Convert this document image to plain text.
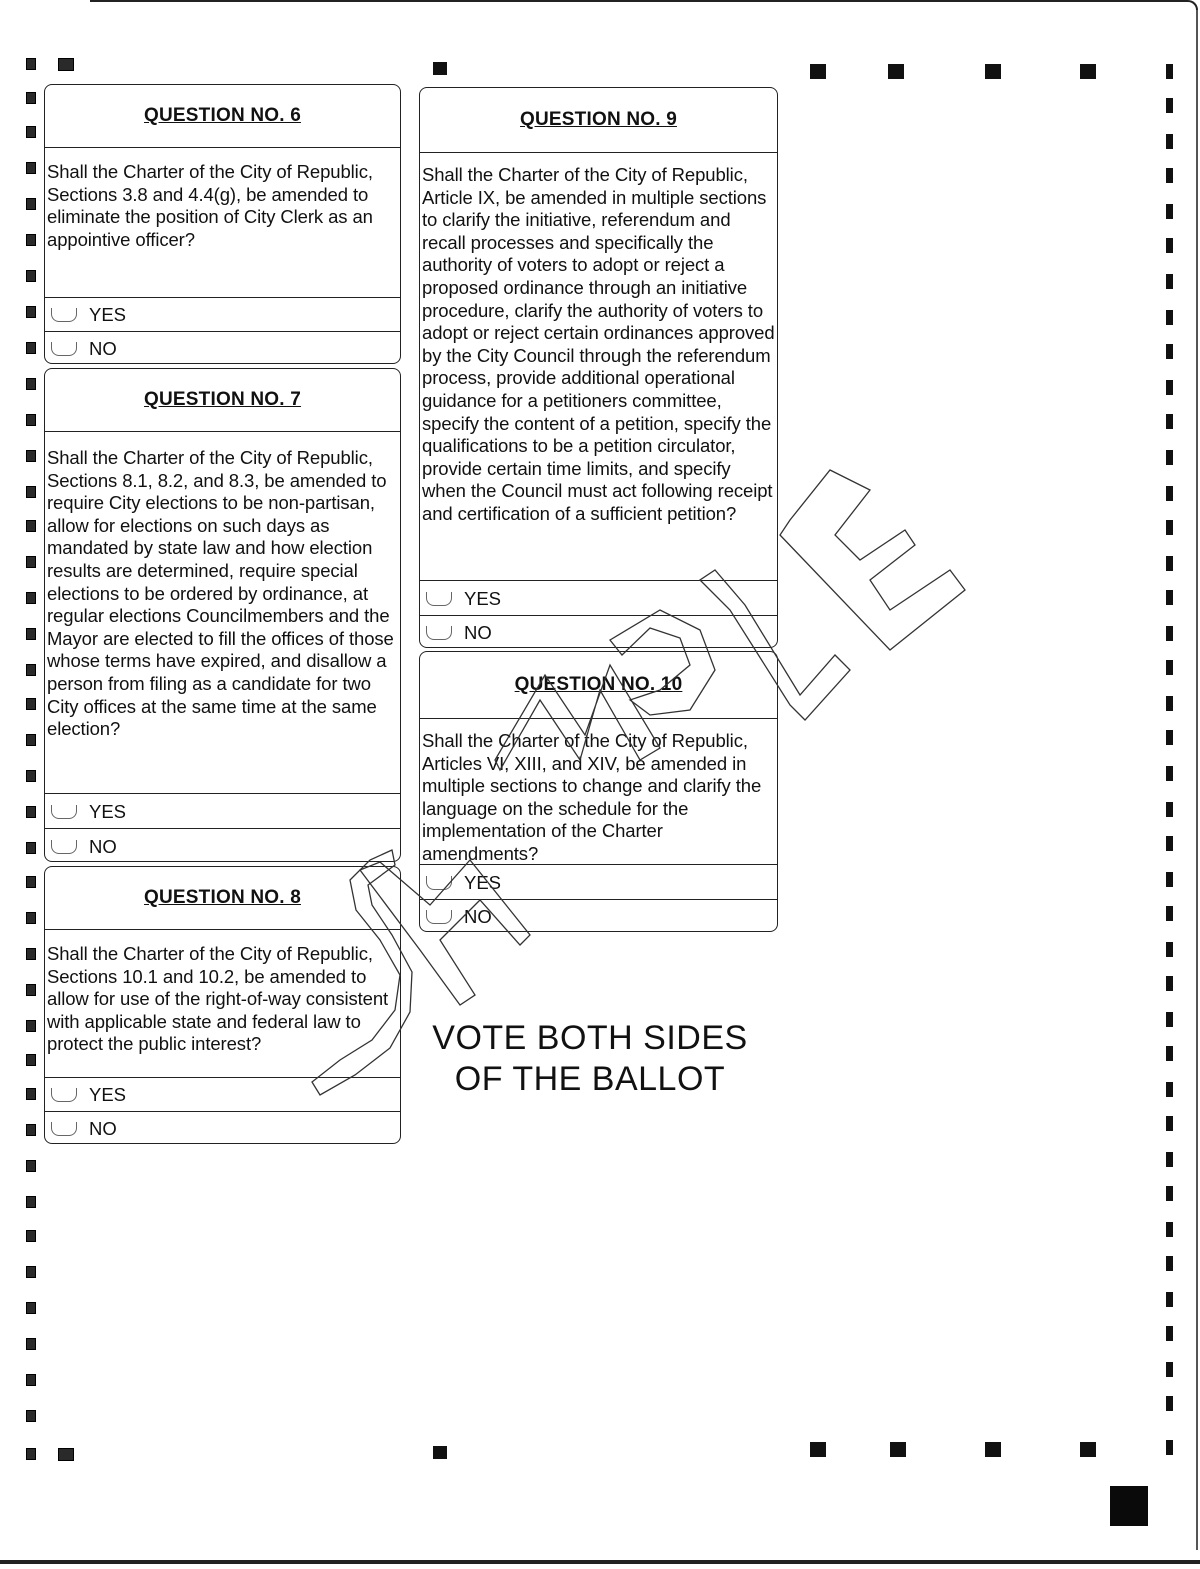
QUESTION NO. 6
Shall the Charter of the City of Republic, Sections 3.8 and 4.4(g), be amended to eliminate the position of City Clerk as an appointive officer?
YES
NO
QUESTION NO. 7
Shall the Charter of the City of Republic, Sections 8.1, 8.2, and 8.3, be amended to require City elections to be non-partisan, allow for elections on such days as mandated by state law and how election results are determined, require special elections to be ordered by ordinance, at regular elections Councilmembers and the Mayor are elected to fill the offices of those whose terms have expired, and disallow a person from filing as a candidate for two City offices at the same time at the same election?
YES
NO
QUESTION NO. 8
Shall the Charter of the City of Republic, Sections 10.1 and 10.2, be amended to allow for use of the right-of-way consistent with applicable state and federal law to protect the public interest?
YES
NO
QUESTION NO. 9
Shall the Charter of the City of Republic, Article IX, be amended in multiple sections to clarify the initiative, referendum and recall processes and specifically the authority of voters to adopt or reject a proposed ordinance through an initiative procedure, clarify the authority of voters to adopt or reject certain ordinances approved by the City Council through the referendum process, provide additional operational guidance for a petitioners committee, specify the content of a petition, specify the qualifications to be a petition circulator, provide certain time limits, and specify when the Council must act following receipt and certification of a sufficient petition?
YES
NO
QUESTION NO. 10
Shall the Charter of the City of Republic, Articles VI, XIII, and XIV, be amended in multiple sections to change and clarify the language on the schedule for the implementation of the Charter amendments?
YES
NO
VOTE BOTH SIDES
OF THE BALLOT
